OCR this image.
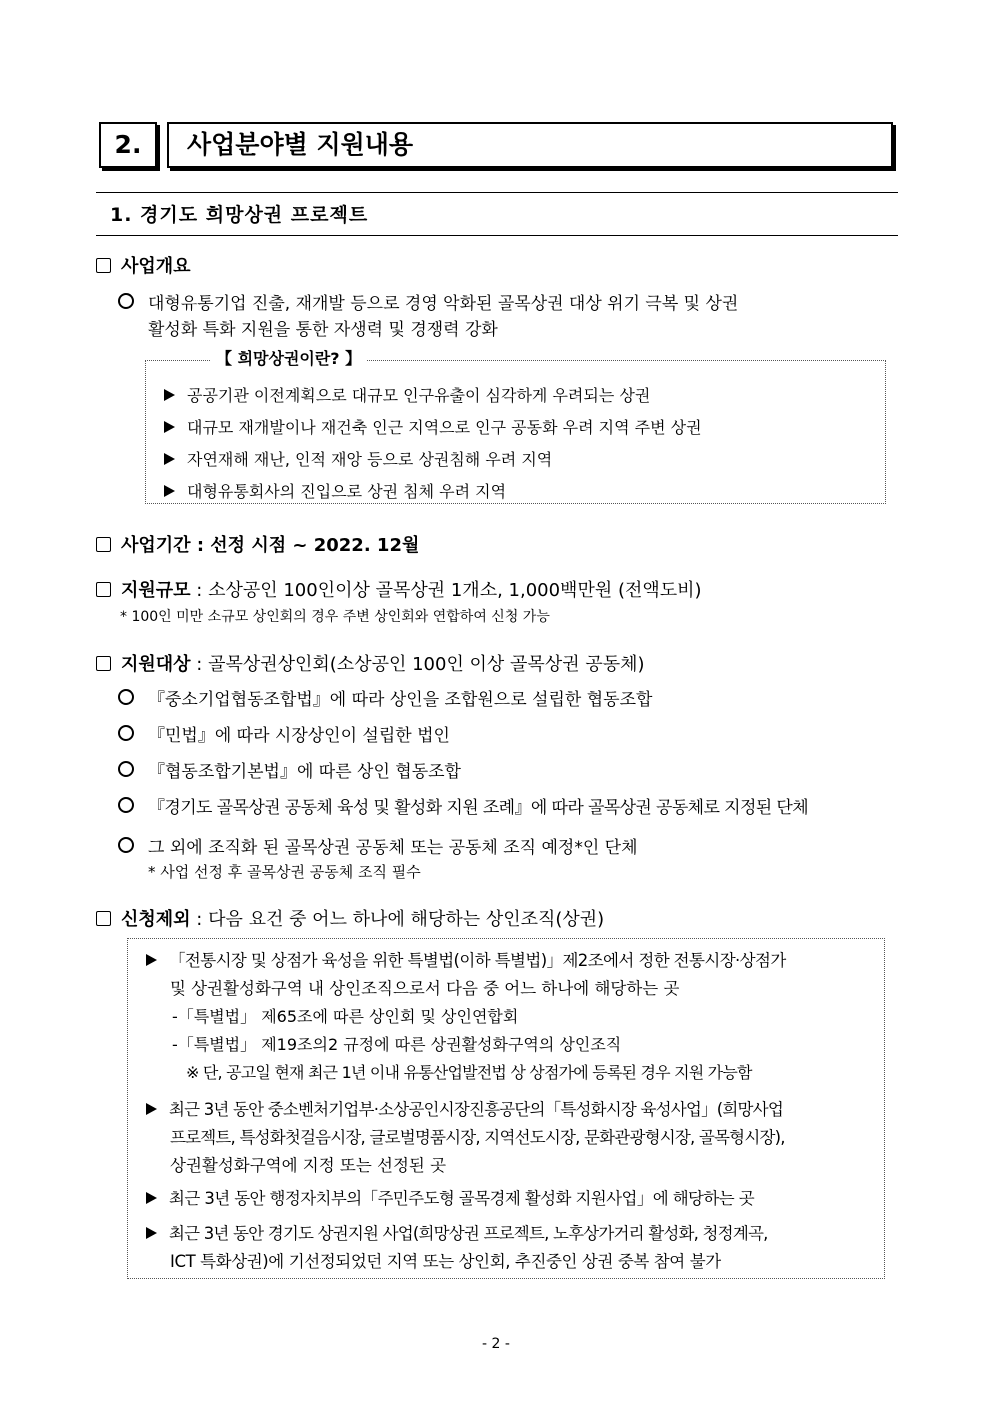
2.	사업분야별 지원내용
1. 경기도 희망상권 프로젝트
사업개요
대형유통기업 진출, 재개발 등으로 경영 악화된 골목상권 대상 위기 극복 및 상권
활성화 특화 지원을 통한 자생력 및 경쟁력 강화
【 희망상권이란? 】
공공기관 이전계획으로 대규모 인구유출이 심각하게 우려되는 상권
대규모 재개발이나 재건축 인근 지역으로 인구 공동화 우려 지역 주변 상권
자연재해 재난, 인적 재앙 등으로 상권침해 우려 지역
대형유통회사의 진입으로 상권 침체 우려 지역
사업기간 : 선정 시점 ~ 2022. 12월
지원규모 : 소상공인 100인이상 골목상권 1개소, 1,000백만원 (전액도비)
* 100인 미만 소규모 상인회의 경우 주변 상인회와 연합하여 신청 가능
지원대상 : 골목상권상인회(소상공인 100인 이상 골목상권 공동체)
『중소기업협동조합법』에 따라 상인을 조합원으로 설립한 협동조합
『민법』에 따라 시장상인이 설립한 법인
『협동조합기본법』에 따른 상인 협동조합
『경기도 골목상권 공동체 육성 및 활성화 지원 조례』에 따라 골목상권 공동체로 지정된 단체
그 외에 조직화 된 골목상권 공동체 또는 공동체 조직 예정*인 단체
* 사업 선정 후 골목상권 공동체 조직 필수
신청제외 : 다음 요건 중 어느 하나에 해당하는 상인조직(상권)
「전통시장 및 상점가 육성을 위한 특별법(이하 특별법)」제2조에서 정한 전통시장·상점가
및 상권활성화구역 내 상인조직으로서 다음 중 어느 하나에 해당하는 곳
-「특별법」 제65조에 따른 상인회 및 상인연합회
-「특별법」 제19조의2 규정에 따른 상권활성화구역의 상인조직
※ 단, 공고일 현재 최근 1년 이내 유통산업발전법 상 상점가에 등록된 경우 지원 가능함
최근 3년 동안 중소벤처기업부·소상공인시장진흥공단의「특성화시장 육성사업」(희망사업
프로젝트, 특성화첫걸음시장, 글로벌명품시장, 지역선도시장, 문화관광형시장, 골목형시장),
상권활성화구역에 지정 또는 선정된 곳
최근 3년 동안 행정자치부의「주민주도형 골목경제 활성화 지원사업」에 해당하는 곳
최근 3년 동안 경기도 상권지원 사업(희망상권 프로젝트, 노후상가거리 활성화, 청정계곡,
ICT 특화상권)에 기선정되었던 지역 또는 상인회, 추진중인 상권 중복 참여 불가
- 2 -
